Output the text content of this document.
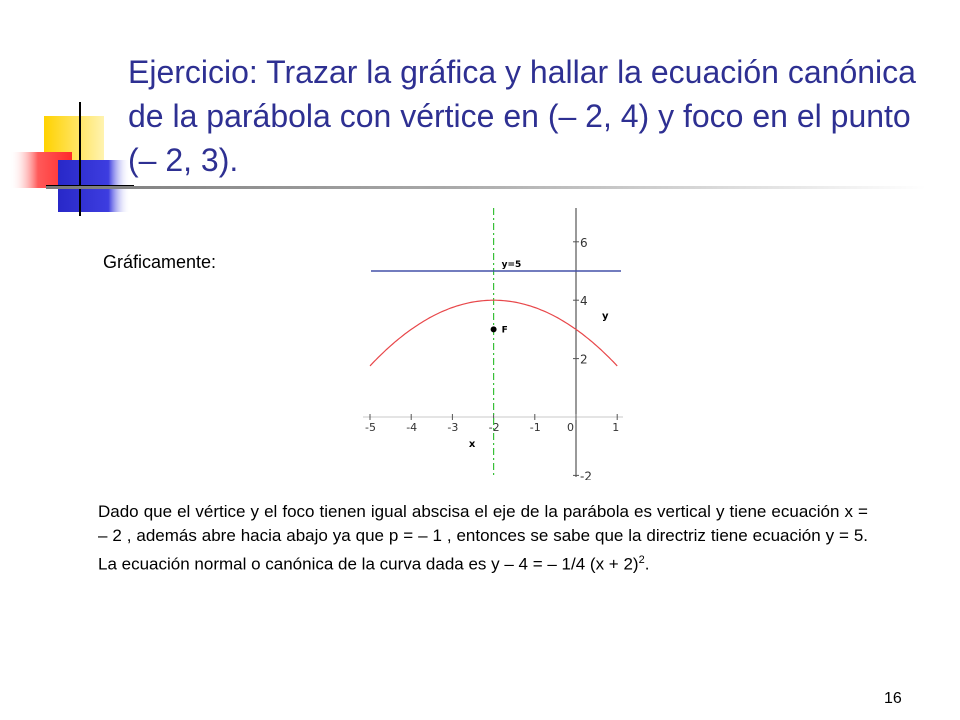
Ejercicio: Trazar la gráfica y hallar la ecuación canónica de la parábola con vértice en (– 2, 4) y foco en el punto (– 2, 3).
Gráficamente:
-5	-4	-3	-2	-1 0	1
6
4
2
-2
F
y=5
x
y
Dado que el vértice y el foco tienen igual abscisa el eje de la parábola es vertical y tiene ecuación x = – 2 , además abre hacia abajo ya que p = – 1 , entonces se sabe que la directriz tiene ecuación y = 5. La ecuación normal o canónica de la curva dada es y – 4 = – 1/4 $(x + 2)^2$.
16
